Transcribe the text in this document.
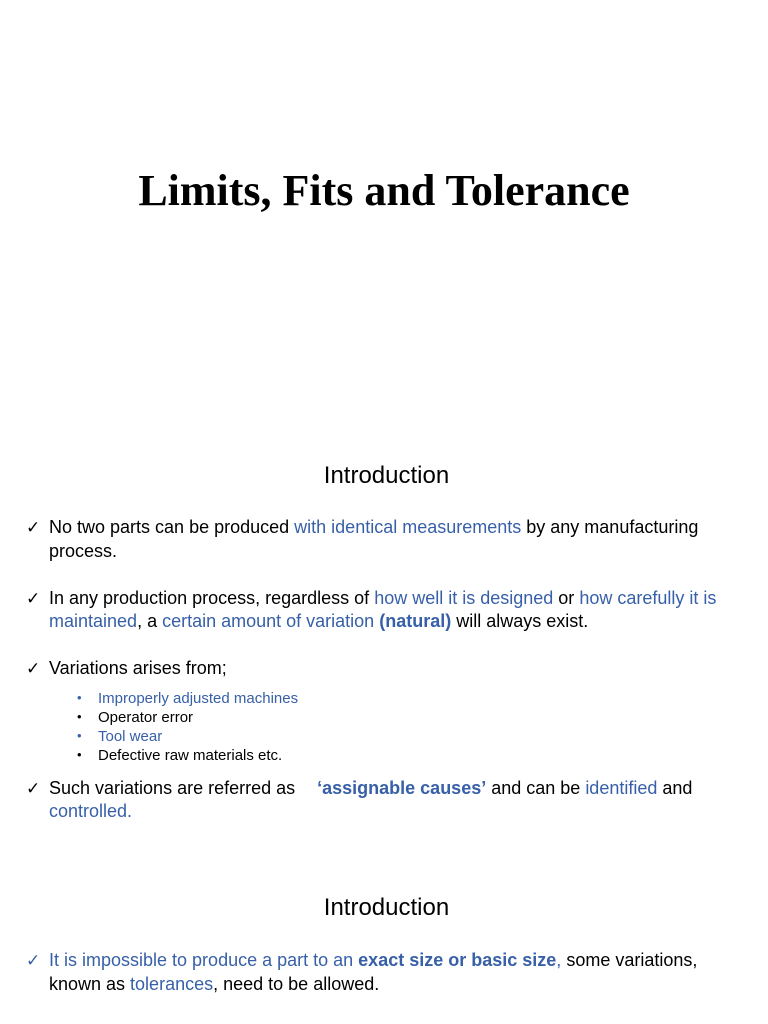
Limits, Fits and Tolerance
Introduction
✓ No two parts can be produced with identical measurements by any manufacturing process.
✓ In any production process, regardless of how well it is designed or how carefully it is maintained, a certain amount of variation (natural) will always exist.
✓ Variations arises from;
• Improperly adjusted machines
• Operator error
• Tool wear
• Defective raw materials etc.
✓ Such variations are referred as ‘assignable causes’ and can be identified and controlled.
Introduction
✓ It is impossible to produce a part to an exact size or basic size, some variations, known as tolerances, need to be allowed.
